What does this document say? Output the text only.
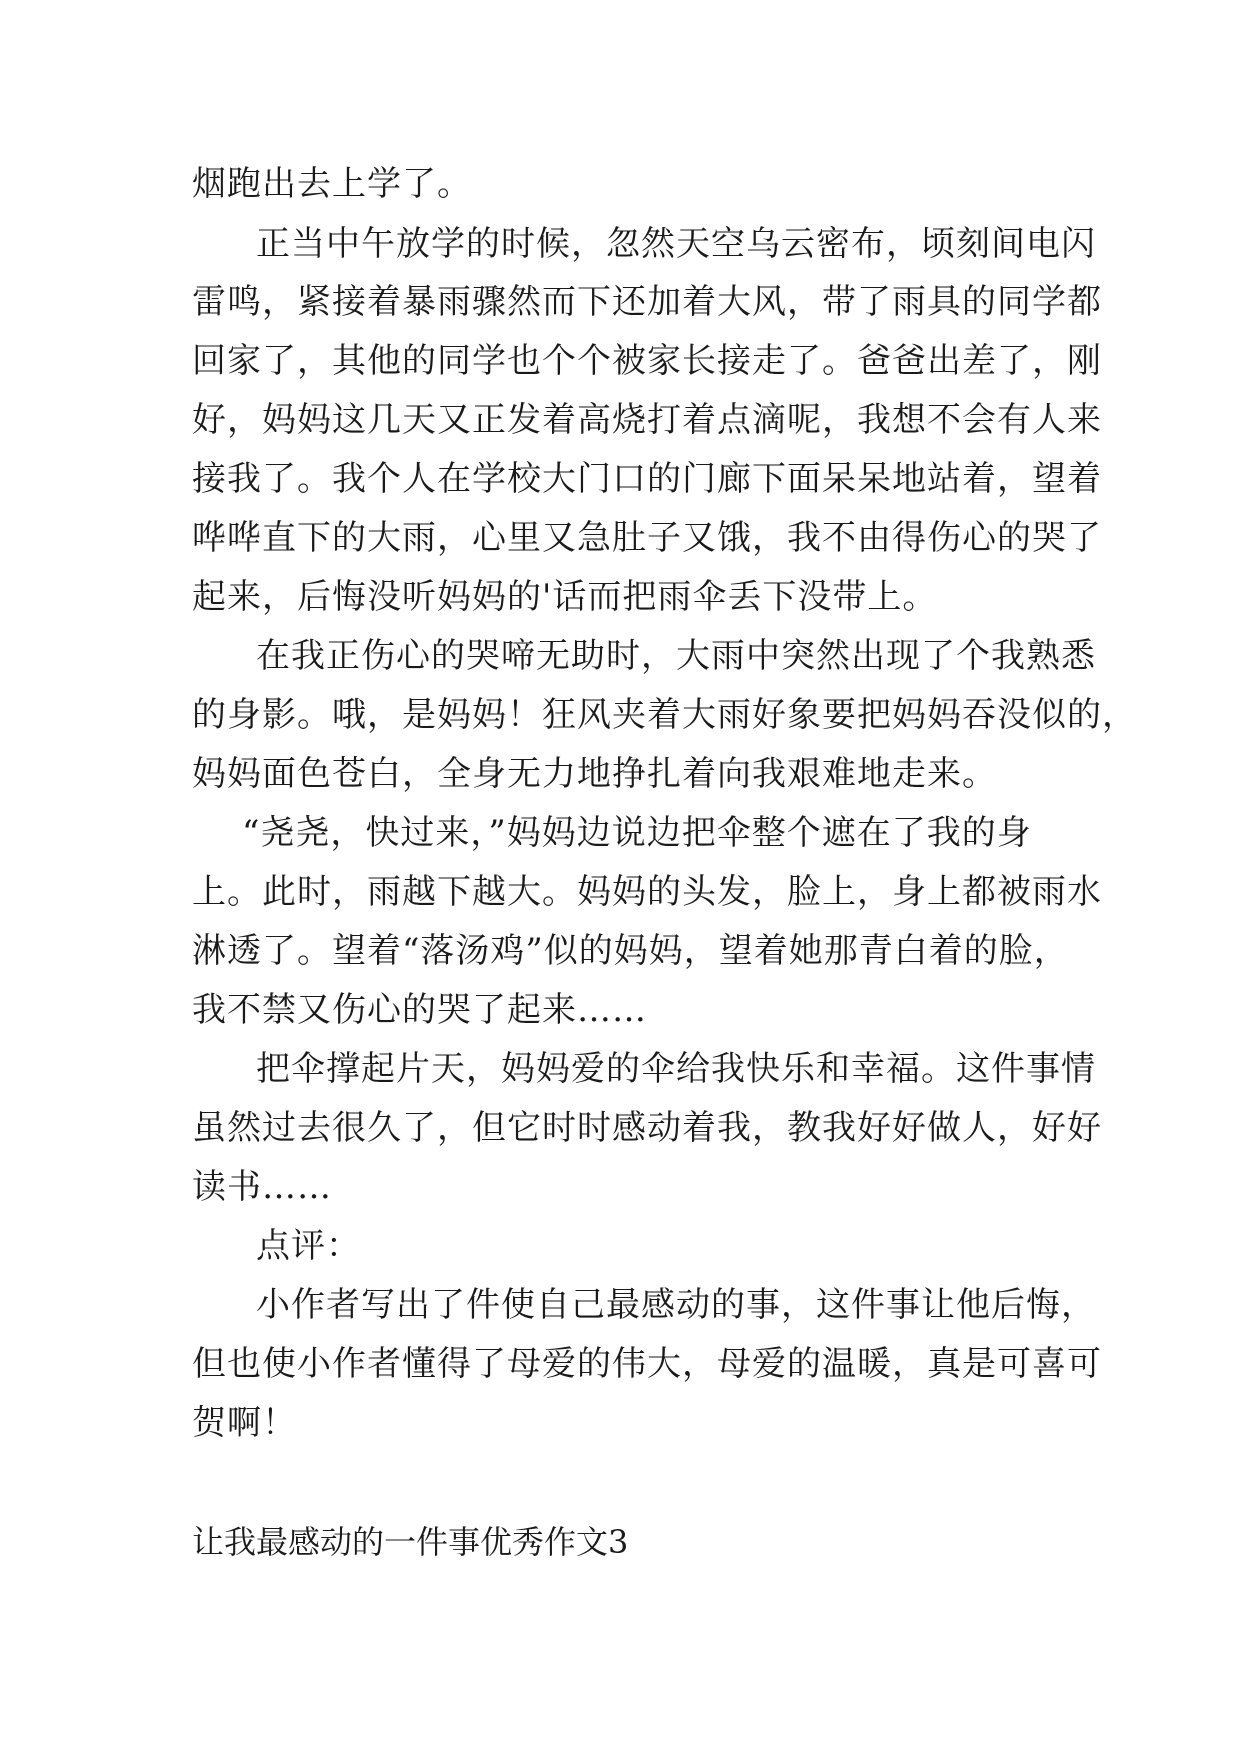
烟跑出去上学了。
正当中午放学的时候，忽然天空乌云密布，顷刻间电闪
雷鸣，紧接着暴雨骤然而下还加着大风，带了雨具的同学都
回家了，其他的同学也个个被家长接走了。爸爸出差了，刚
好，妈妈这几天又正发着高烧打着点滴呢，我想不会有人来
接我了。我个人在学校大门口的门廊下面呆呆地站着，望着
哗哗直下的大雨，心里又急肚子又饿，我不由得伤心的哭了
起来，后悔没听妈妈的'话而把雨伞丢下没带上。
在我正伤心的哭啼无助时，大雨中突然出现了个我熟悉
的身影。哦，是妈妈！狂风夹着大雨好象要把妈妈吞没似的，
妈妈面色苍白，全身无力地挣扎着向我艰难地走来。
“尧尧，快过来，”妈妈边说边把伞整个遮在了我的身
上。此时，雨越下越大。妈妈的头发，脸上，身上都被雨水
淋透了。望着“落汤鸡”似的妈妈，望着她那青白着的脸，
我不禁又伤心的哭了起来……
把伞撑起片天，妈妈爱的伞给我快乐和幸福。这件事情
虽然过去很久了，但它时时感动着我，教我好好做人，好好
读书……
点评：
小作者写出了件使自己最感动的事，这件事让他后悔，
但也使小作者懂得了母爱的伟大，母爱的温暖，真是可喜可
贺啊！
让我最感动的一件事优秀作文3
